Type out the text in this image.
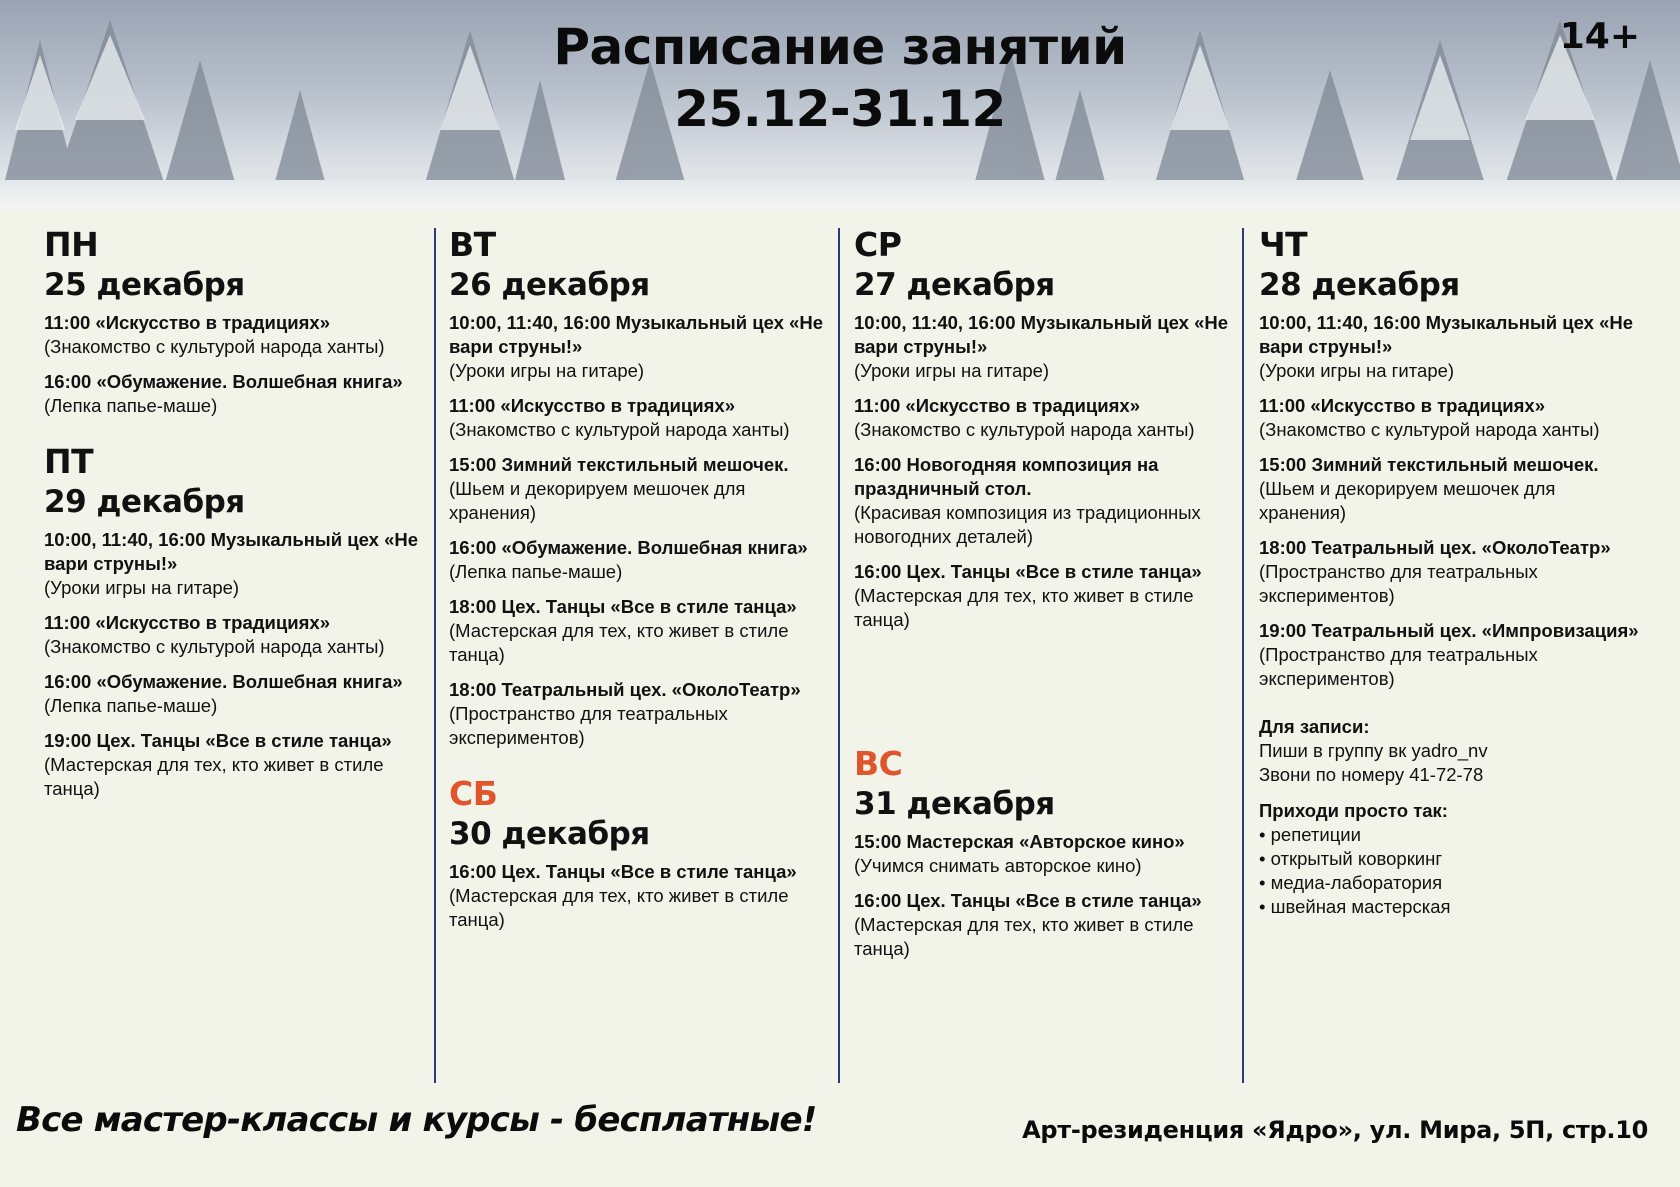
Расписание занятий
25.12-31.12
14+
ПН
25 декабря
11:00 «Искусство в традициях»
(Знакомство с культурой народа ханты)
16:00 «Обумажение. Волшебная книга»
(Лепка папье-маше)
ПТ
29 декабря
10:00, 11:40, 16:00 Музыкальный цех «Не вари струны!»
(Уроки игры на гитаре)
11:00 «Искусство в традициях»
(Знакомство с культурой народа ханты)
16:00 «Обумажение. Волшебная книга»
(Лепка папье-маше)
19:00 Цех. Танцы «Все в стиле танца»
(Мастерская для тех, кто живет в стиле танца)
ВТ
26 декабря
10:00, 11:40, 16:00 Музыкальный цех «Не вари струны!»
(Уроки игры на гитаре)
11:00 «Искусство в традициях»
(Знакомство с культурой народа ханты)
15:00 Зимний текстильный мешочек.
(Шьем и декорируем мешочек для хранения)
16:00 «Обумажение. Волшебная книга»
(Лепка папье-маше)
18:00 Цех. Танцы «Все в стиле танца»
(Мастерская для тех, кто живет в стиле танца)
18:00 Театральный цех. «ОколоТеатр»
(Пространство для театральных экспериментов)
СБ
30 декабря
16:00 Цех. Танцы «Все в стиле танца»
(Мастерская для тех, кто живет в стиле танца)
СР
27 декабря
10:00, 11:40, 16:00 Музыкальный цех «Не вари струны!»
(Уроки игры на гитаре)
11:00 «Искусство в традициях»
(Знакомство с культурой народа ханты)
16:00 Новогодняя композиция на праздничный стол.
(Красивая композиция из традиционных новогодних деталей)
16:00 Цех. Танцы «Все в стиле танца»
(Мастерская для тех, кто живет в стиле танца)
ВС
31 декабря
15:00 Мастерская «Авторское кино»
(Учимся снимать авторское кино)
16:00 Цех. Танцы «Все в стиле танца»
(Мастерская для тех, кто живет в стиле танца)
ЧТ
28 декабря
10:00, 11:40, 16:00 Музыкальный цех «Не вари струны!»
(Уроки игры на гитаре)
11:00 «Искусство в традициях»
(Знакомство с культурой народа ханты)
15:00 Зимний текстильный мешочек.
(Шьем и декорируем мешочек для хранения)
18:00 Театральный цех. «ОколоТеатр»
(Пространство для театральных экспериментов)
19:00 Театральный цех. «Импровизация»
(Пространство для театральных экспериментов)
Для записи:
Пиши в группу вк yadro_nv
Звони по номеру 41-72-78
Приходи просто так:
• репетиции
• открытый коворкинг
• медиа-лаборатория
• швейная мастерская
Все мастер-классы и курсы - бесплатные!	Арт-резиденция «Ядро», ул. Мира, 5П, стр.10
